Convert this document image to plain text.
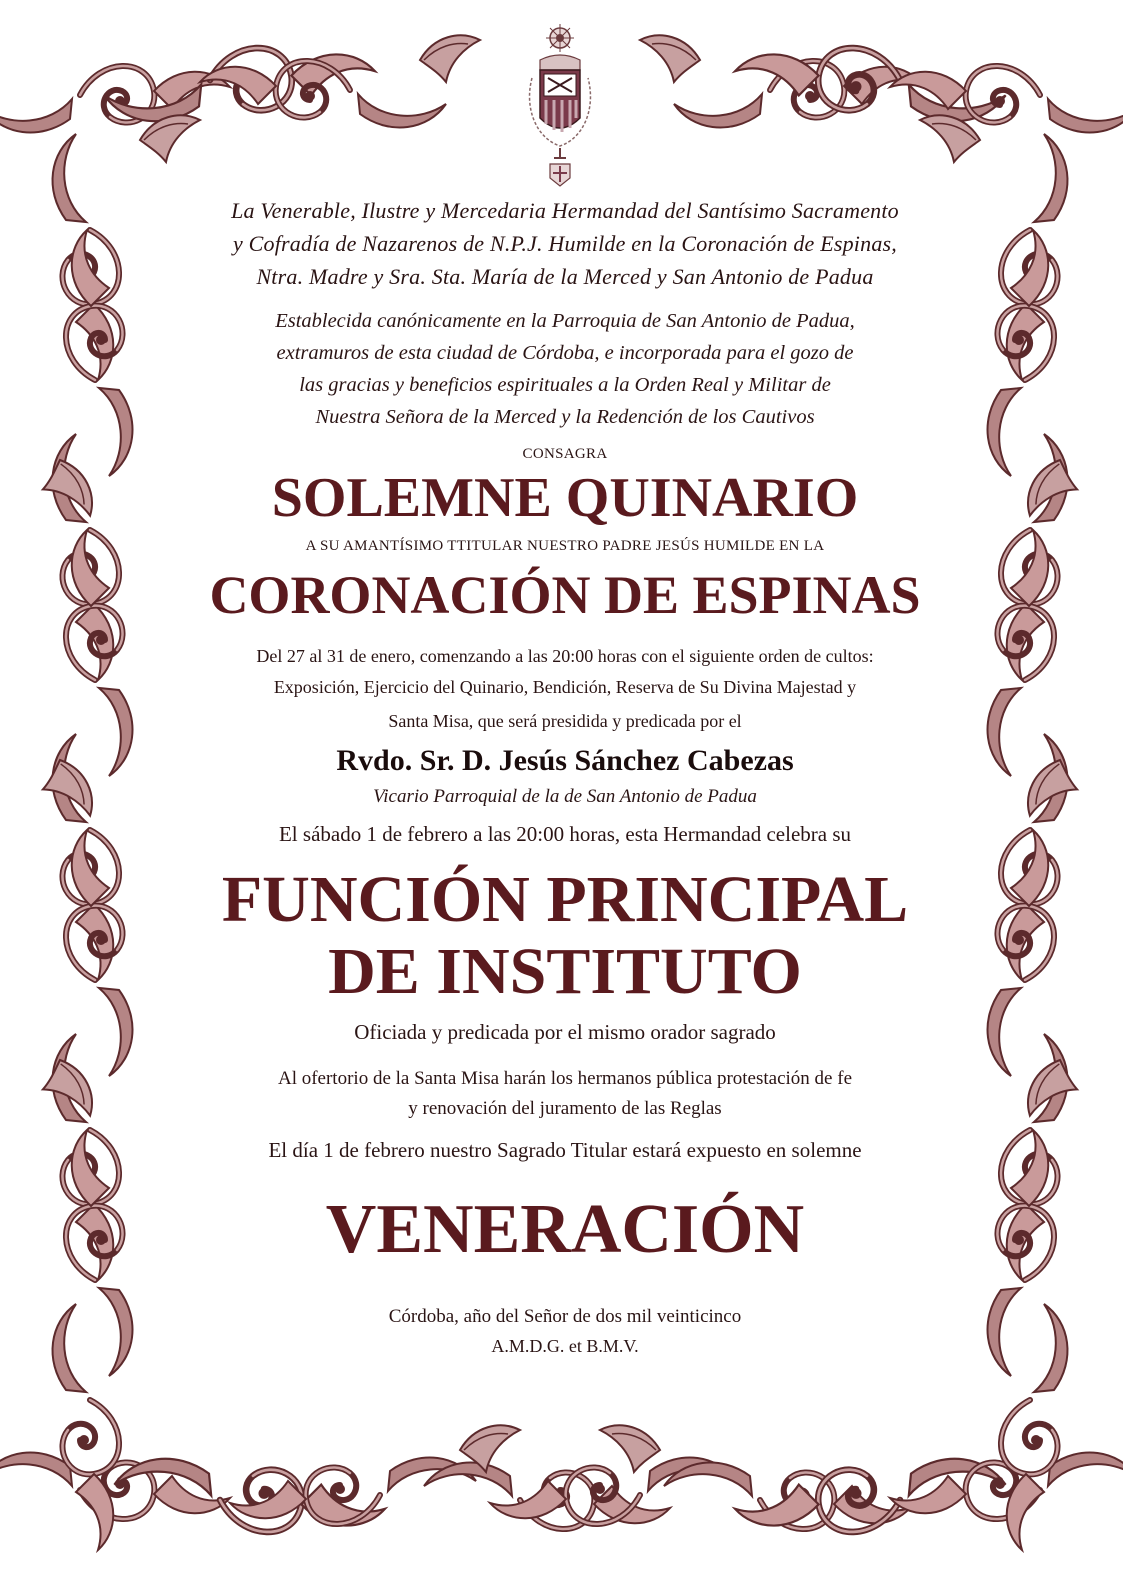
La Venerable, Ilustre y Mercedaria Hermandad del Santísimo Sacramento
y Cofradía de Nazarenos de N.P.J. Humilde en la Coronación de Espinas,
Ntra. Madre y Sra. Sta. María de la Merced y San Antonio de Padua
Establecida canónicamente en la Parroquia de San Antonio de Padua,
extramuros de esta ciudad de Córdoba, e incorporada para el gozo de
las gracias y beneficios espirituales a la Orden Real y Militar de
Nuestra Señora de la Merced y la Redención de los Cautivos
CONSAGRA
SOLEMNE QUINARIO
A SU AMANTÍSIMO TTITULAR NUESTRO PADRE JESÚS HUMILDE EN LA
CORONACIÓN DE ESPINAS
Del 27 al 31 de enero, comenzando a las 20:00 horas con el siguiente orden de cultos:
Exposición, Ejercicio del Quinario, Bendición, Reserva de Su Divina Majestad y
Santa Misa, que será presidida y predicada por el
Rvdo. Sr. D. Jesús Sánchez Cabezas
Vicario Parroquial de la de San Antonio de Padua
El sábado 1 de febrero a las 20:00 horas, esta Hermandad celebra su
FUNCIÓN PRINCIPAL
DE INSTITUTO
Oficiada y predicada por el mismo orador sagrado
Al ofertorio de la Santa Misa harán los hermanos pública protestación de fe
y renovación del juramento de las Reglas
El día 1 de febrero nuestro Sagrado Titular estará expuesto en solemne
VENERACIÓN
Córdoba, año del Señor de dos mil veinticinco
A.M.D.G. et B.M.V.
